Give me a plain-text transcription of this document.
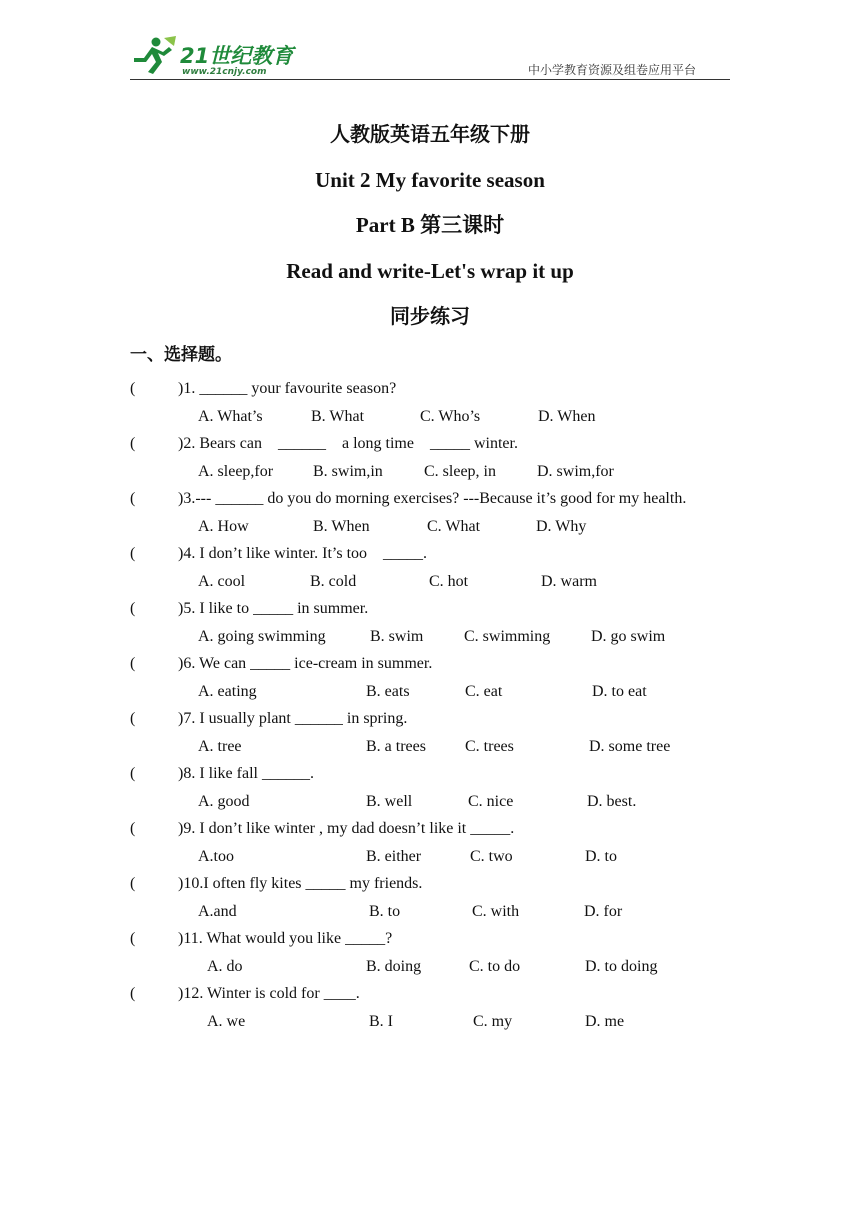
21世纪教育
www.21cnjy.com	中小学教育资源及组卷应用平台
人教版英语五年级下册
Unit 2 My favorite season
Part B 第三课时
Read and write-Let's wrap it up
同步练习
一、选择题。
(	)1. ______ your favourite season?
A. What’s	B. What	C. Who’s	D. When
(	)2. Bears can    ______    a long time    _____ winter.
A. sleep,for B. swim,in	C. sleep, in	D. swim,for
(	)3.--- ______ do you do morning exercises? ---Because it’s good for my health.
A. How	B. When	C. What	D. Why
(	)4. I don’t like winter. It’s too    _____.
A. cool	B. cold	C. hot	D. warm
(	)5. I like to _____ in summer.
A. going swimming	B. swim	C. swimming	D. go swim
(	)6. We can _____ ice-cream in summer.
A. eating	B. eats	C. eat	D. to eat
(	)7. I usually plant ______ in spring.
A. tree	B. a trees C. trees	D. some tree
(	)8. I like fall ______.
A. good	B. well	C. nice	D. best.
(	)9. I don’t like winter , my dad doesn’t like it _____.
A.too	B. either	C. two	D. to
(	)10.I often fly kites _____ my friends.
A.and	B. to	C. with	D. for
(	)11. What would you like _____?
A. do	B. doing	C. to do	D. to doing
(	)12. Winter is cold for ____.
A. we	B. I	C. my	D. me
